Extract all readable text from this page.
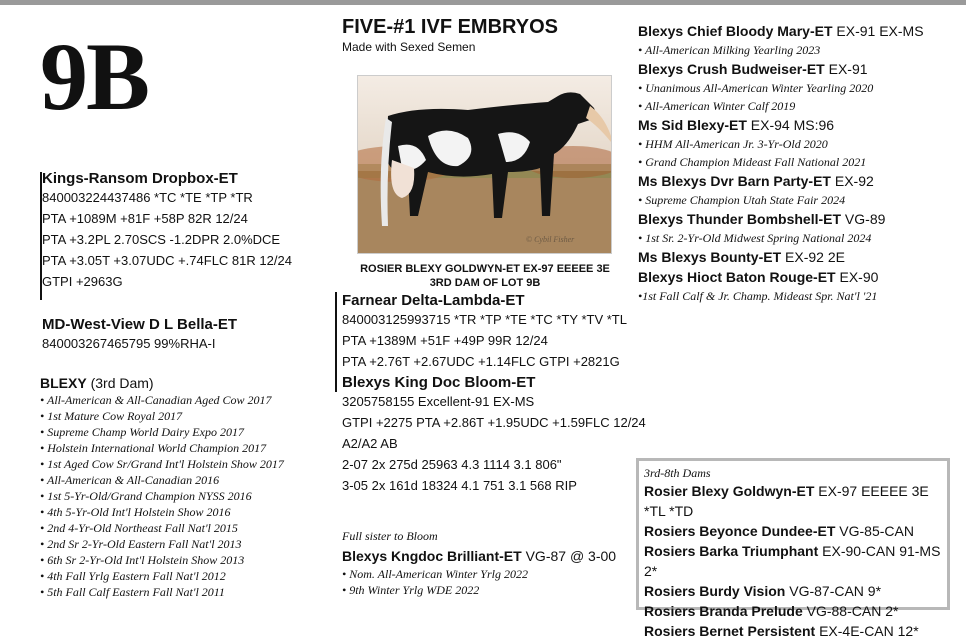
9B
Kings-Ransom Dropbox-ET
840003224437486 *TC *TE *TP *TR
PTA +1089M +81F +58P 82R 12/24
PTA +3.2PL 2.70SCS -1.2DPR 2.0%DCE
PTA +3.05T +3.07UDC +.74FLC 81R 12/24
GTPI +2963G
MD-West-View D L Bella-ET
840003267465795 99%RHA-I
BLEXY (3rd Dam)
• All-American & All-Canadian Aged Cow 2017
• 1st Mature Cow Royal 2017
• Supreme Champ World Dairy Expo 2017
• Holstein International World Champion 2017
• 1st Aged Cow Sr/Grand Int'l Holstein Show 2017
• All-American & All-Canadian 2016
• 1st 5-Yr-Old/Grand Champion NYSS 2016
• 4th 5-Yr-Old Int'l Holstein Show 2016
• 2nd 4-Yr-Old Northeast Fall Nat'l 2015
• 2nd Sr 2-Yr-Old Eastern Fall Nat'l 2013
• 6th Sr 2-Yr-Old Int'l Holstein Show 2013
• 4th Fall Yrlg Eastern Fall Nat'l 2012
• 5th Fall Calf Eastern Fall Nat'l 2011
FIVE-#1 IVF EMBRYOS
Made with Sexed Semen
© Cybil Fisher
ROSIER BLEXY GOLDWYN-ET EX-97 EEEEE 3E
3RD DAM OF LOT 9B
Farnear Delta-Lambda-ET
840003125993715 *TR *TP *TE *TC *TY *TV *TL
PTA +1389M +51F +49P 99R 12/24
PTA +2.76T +2.67UDC +1.14FLC GTPI +2821G
Blexys King Doc Bloom-ET
3205758155 Excellent-91 EX-MS
GTPI +2275 PTA +2.86T +1.95UDC +1.59FLC 12/24
A2/A2 AB
2-07 2x 275d 25963 4.3 1114 3.1 806"
3-05 2x 161d 18324 4.1 751 3.1 568 RIP
Full sister to Bloom
Blexys Kngdoc Brilliant-ET VG-87 @ 3-00
• Nom. All-American Winter Yrlg 2022
• 9th Winter Yrlg WDE 2022
Blexys Chief Bloody Mary-ET EX-91 EX-MS
• All-American Milking Yearling 2023
Blexys Crush Budweiser-ET EX-91
• Unanimous All-American Winter Yearling 2020
• All-American Winter Calf 2019
Ms Sid Blexy-ET EX-94 MS:96
• HHM All-American Jr. 3-Yr-Old 2020
• Grand Champion Mideast Fall National 2021
Ms Blexys Dvr Barn Party-ET EX-92
• Supreme Champion Utah State Fair 2024
Blexys Thunder Bombshell-ET VG-89
• 1st Sr. 2-Yr-Old Midwest Spring National 2024
Ms Blexys Bounty-ET EX-92 2E
Blexys Hioct Baton Rouge-ET EX-90
•1st Fall Calf & Jr. Champ. Mideast Spr. Nat'l '21
3rd-8th Dams
Rosier Blexy Goldwyn-ET EX-97 EEEEE 3E *TL *TD
Rosiers Beyonce Dundee-ET VG-85-CAN
Rosiers Barka Triumphant EX-90-CAN 91-MS 2*
Rosiers Burdy Vision VG-87-CAN 9*
Rosiers Branda Prelude VG-88-CAN 2*
Rosiers Bernet Persistent EX-4E-CAN 12*
